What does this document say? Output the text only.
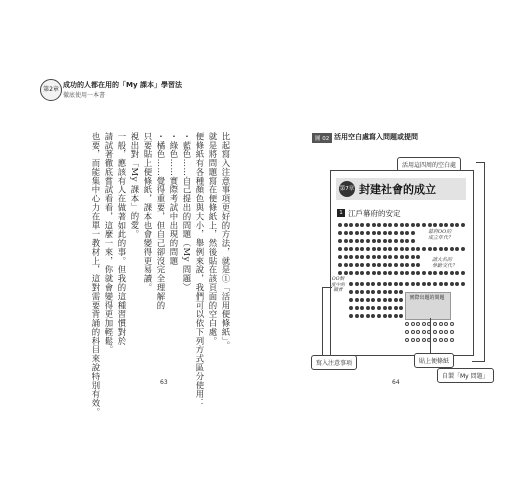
第2章
成功的人都在用的「My 課本」學習法
徹底使用一本書
比起寫入注意事項更好的方法，就是①「活用便條紙」。
就是將問題寫在便條紙上，然後貼在該頁面的空白處。
便條紙有各種顏色與大小，舉例來說，我們可以依下列方式區分使用：
・藍色……自己提出的問題（My 問題）
・綠色……實際考試中出現的問題
・橘色……覺得重要，但自己卻沒完全理解的
只要貼上便條紙，課本也會變得更易讀。
視出對「My 課本」的愛。
一般，應該有人在做著如此的事。但我的這種習慣對於
請試著徹底嘗試看看，這麼一來，你就會變得更加輕鬆。
也要，而能集中心力在單一教材上，這對需要背誦的科目來說特別有效。	63
圖 02 活用空白處寫入問題或提問
活用這四周的空白處
第7章 封建社會的成立
1 江戶幕府的安定
幕府OO的
成立年代？
諸大名的
參勤交代？
OO制度中的職責
實際出題的問題
寫入注意事項	貼上便條紙
自製「My 問題」
64
